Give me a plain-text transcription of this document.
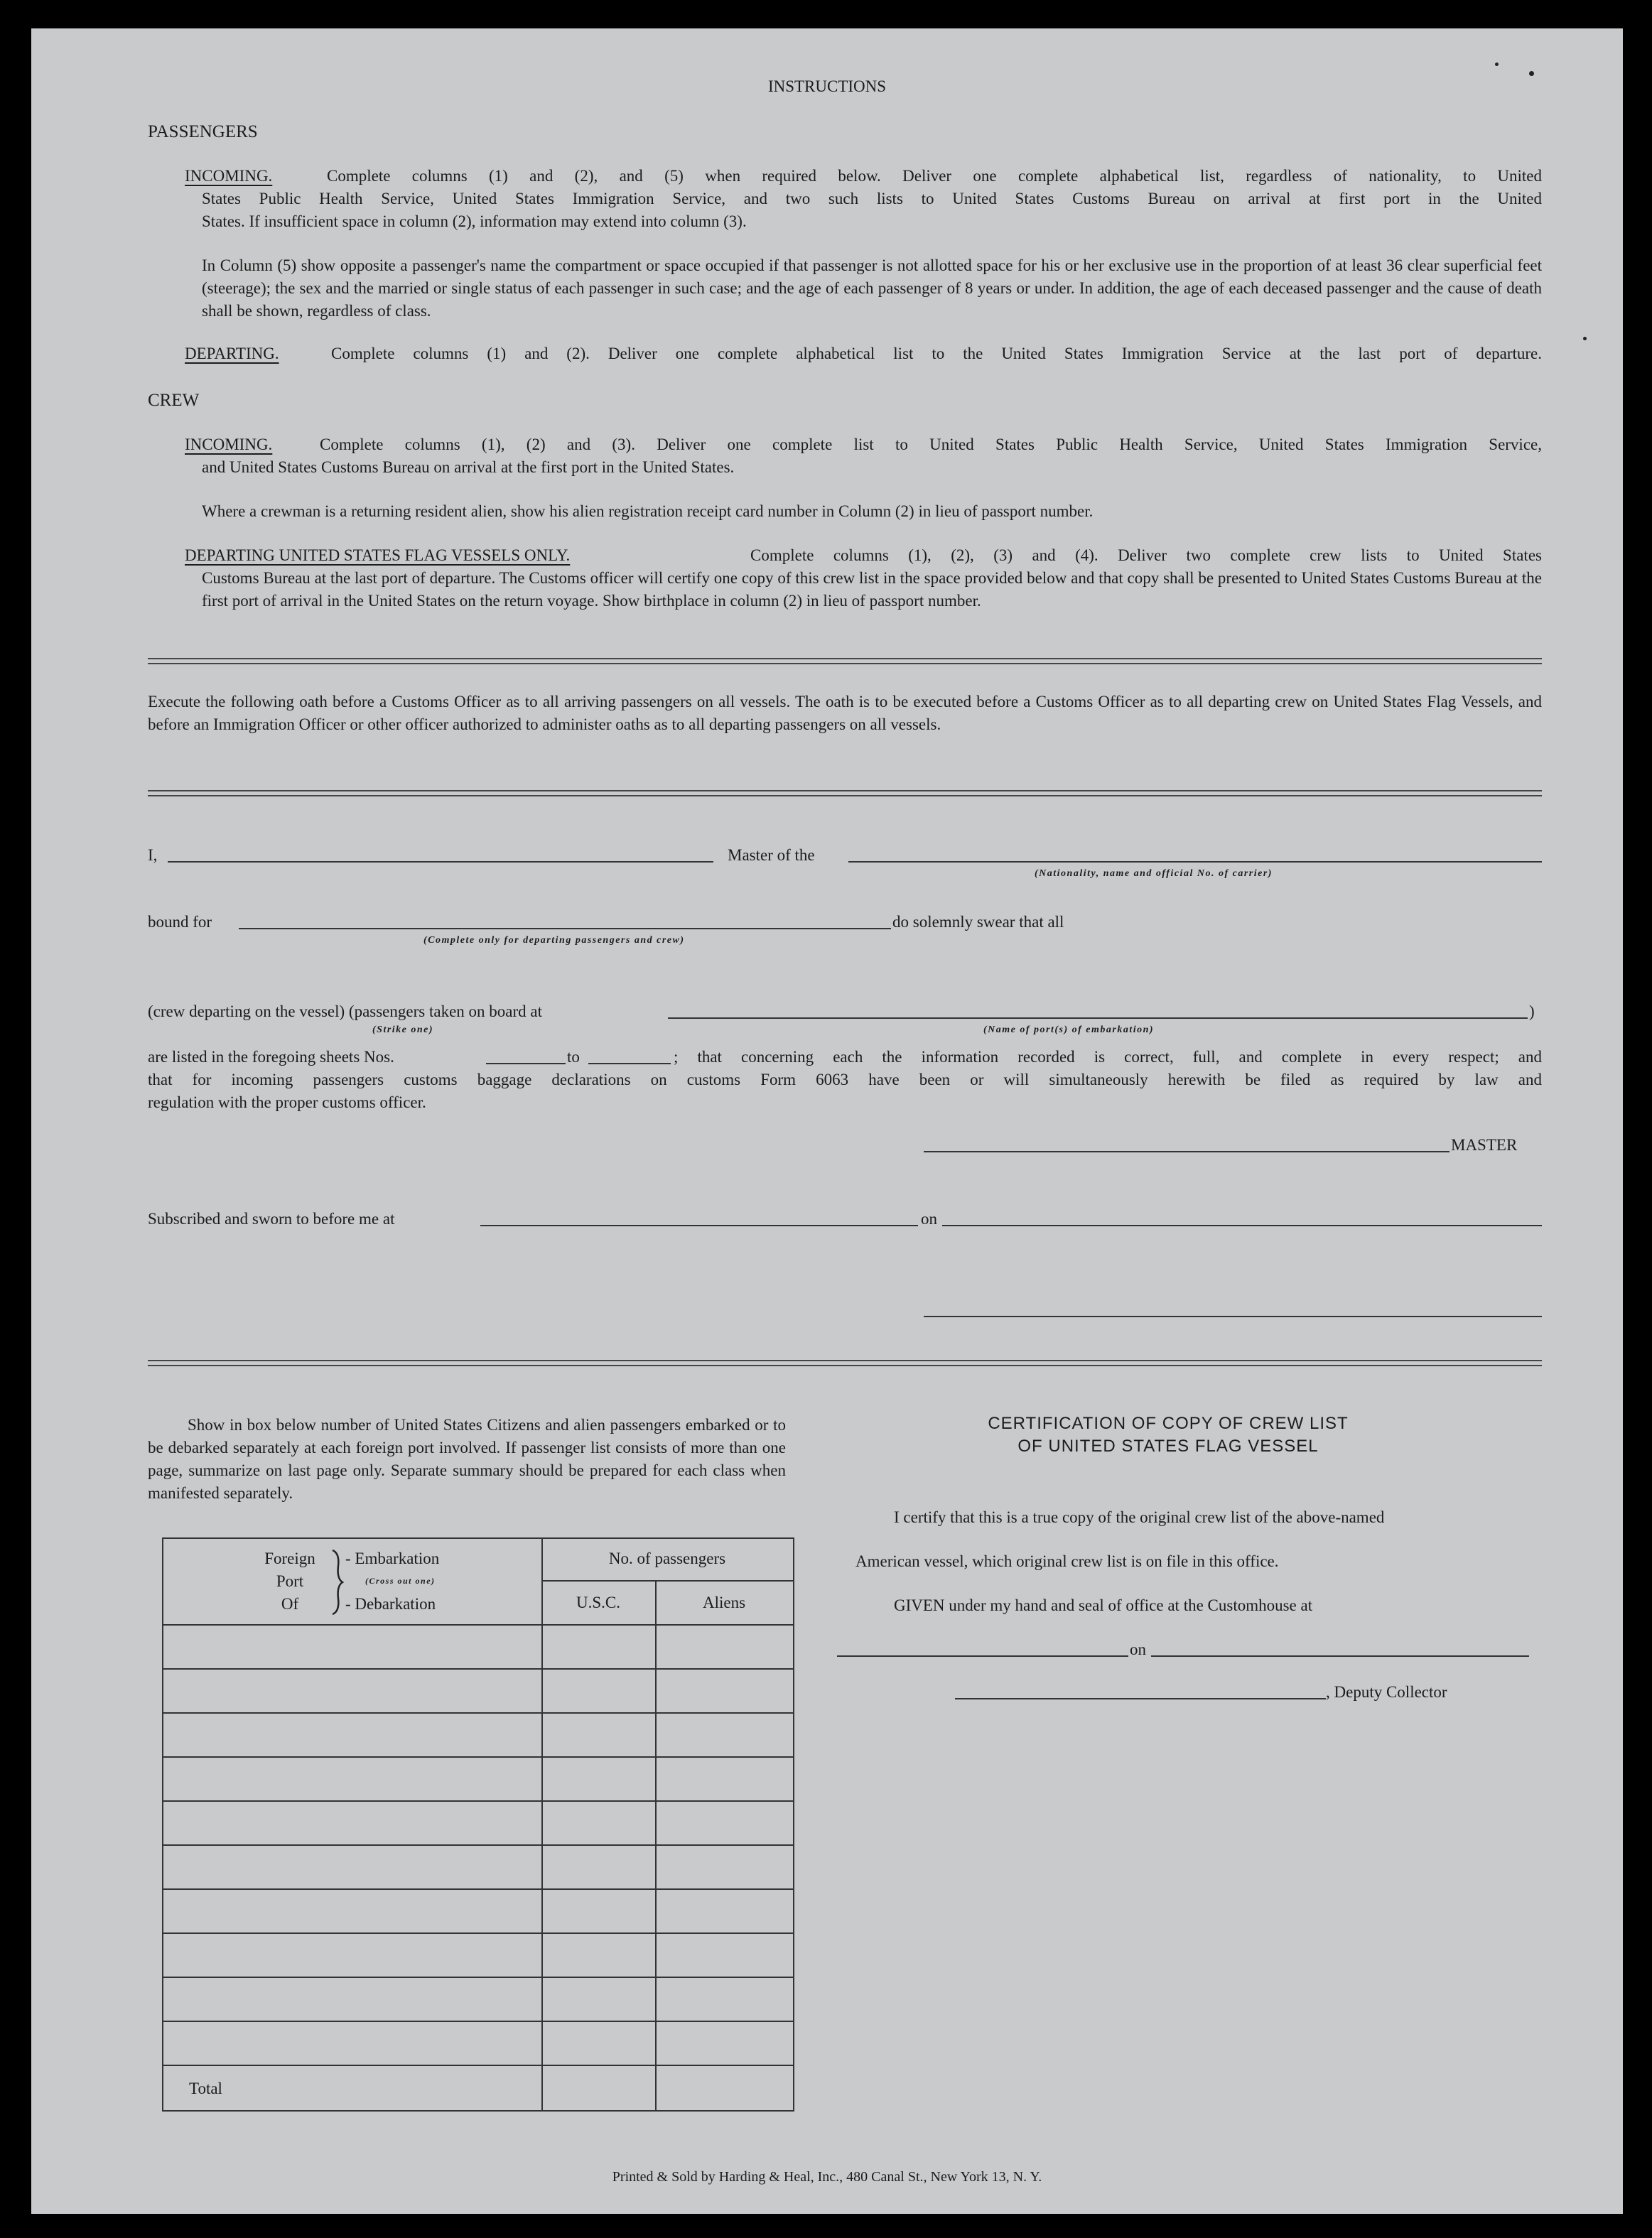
INSTRUCTIONS
PASSENGERS
INCOMING.	Complete columns (1) and (2), and (5) when required below. Deliver one complete alphabetical list, regardless of nationality, to United
States Public Health Service, United States Immigration Service, and two such lists to United States Customs Bureau on arrival at first port in the United
States. If insufficient space in column (2), information may extend into column (3).
In Column (5) show opposite a passenger's name the compartment or space occupied if that passenger is not allotted space for his or her exclusive use in the proportion of at least 36 clear superficial feet (steerage); the sex and the married or single status of each passenger in such case; and the age of each passenger of 8 years or under. In addition, the age of each deceased passenger and the cause of death shall be shown, regardless of class.
DEPARTING.	Complete columns (1) and (2). Deliver one complete alphabetical list to the United States Immigration Service at the last port of departure.
CREW
INCOMING.	Complete columns (1), (2) and (3). Deliver one complete list to United States Public Health Service, United States Immigration Service,
and United States Customs Bureau on arrival at the first port in the United States.
Where a crewman is a returning resident alien, show his alien registration receipt card number in Column (2) in lieu of passport number.
DEPARTING UNITED STATES FLAG VESSELS ONLY.	Complete columns (1), (2), (3) and (4). Deliver two complete crew lists to United States
Customs Bureau at the last port of departure. The Customs officer will certify one copy of this crew list in the space provided below and that copy shall be presented to United States Customs Bureau at the first port of arrival in the United States on the return voyage. Show birthplace in column (2) in lieu of passport number.
Execute the following oath before a Customs Officer as to all arriving passengers on all vessels. The oath is to be executed before a Customs Officer as to all departing crew on United States Flag Vessels, and before an Immigration Officer or other officer authorized to administer oaths as to all departing passengers on all vessels.
I,	Master of the
(Nationality, name and official No. of carrier)
bound for	do solemnly swear that all
(Complete only for departing passengers and crew)
(crew departing on the vessel) (passengers taken on board at	)
(Strike one)	(Name of port(s) of embarkation)
are listed in the foregoing sheets Nos.	to	; that concerning each the information recorded is correct, full, and complete in every respect; and
that for incoming passengers customs baggage declarations on customs Form 6063 have been or will simultaneously herewith be filed as required by law and
regulation with the proper customs officer.
MASTER
Subscribed and sworn to before me at	on
Show in box below number of United States Citizens and alien passengers embarked or to be debarked separately at each foreign port involved. If passenger list consists of more than one page, summarize on last page only. Separate summary should be prepared for each class when manifested separately.
Foreign
Port
Of
- Embarkation
(Cross out one)
- Debarkation
No. of passengers
U.S.C.	Aliens
Total
CERTIFICATION OF COPY OF CREW LIST
OF UNITED STATES FLAG VESSEL
I certify that this is a true copy of the original crew list of the above-named
American vessel, which original crew list is on file in this office.
GIVEN under my hand and seal of office at the Customhouse at
on
, Deputy Collector
Printed & Sold by Harding & Heal, Inc., 480 Canal St., New York 13, N. Y.
